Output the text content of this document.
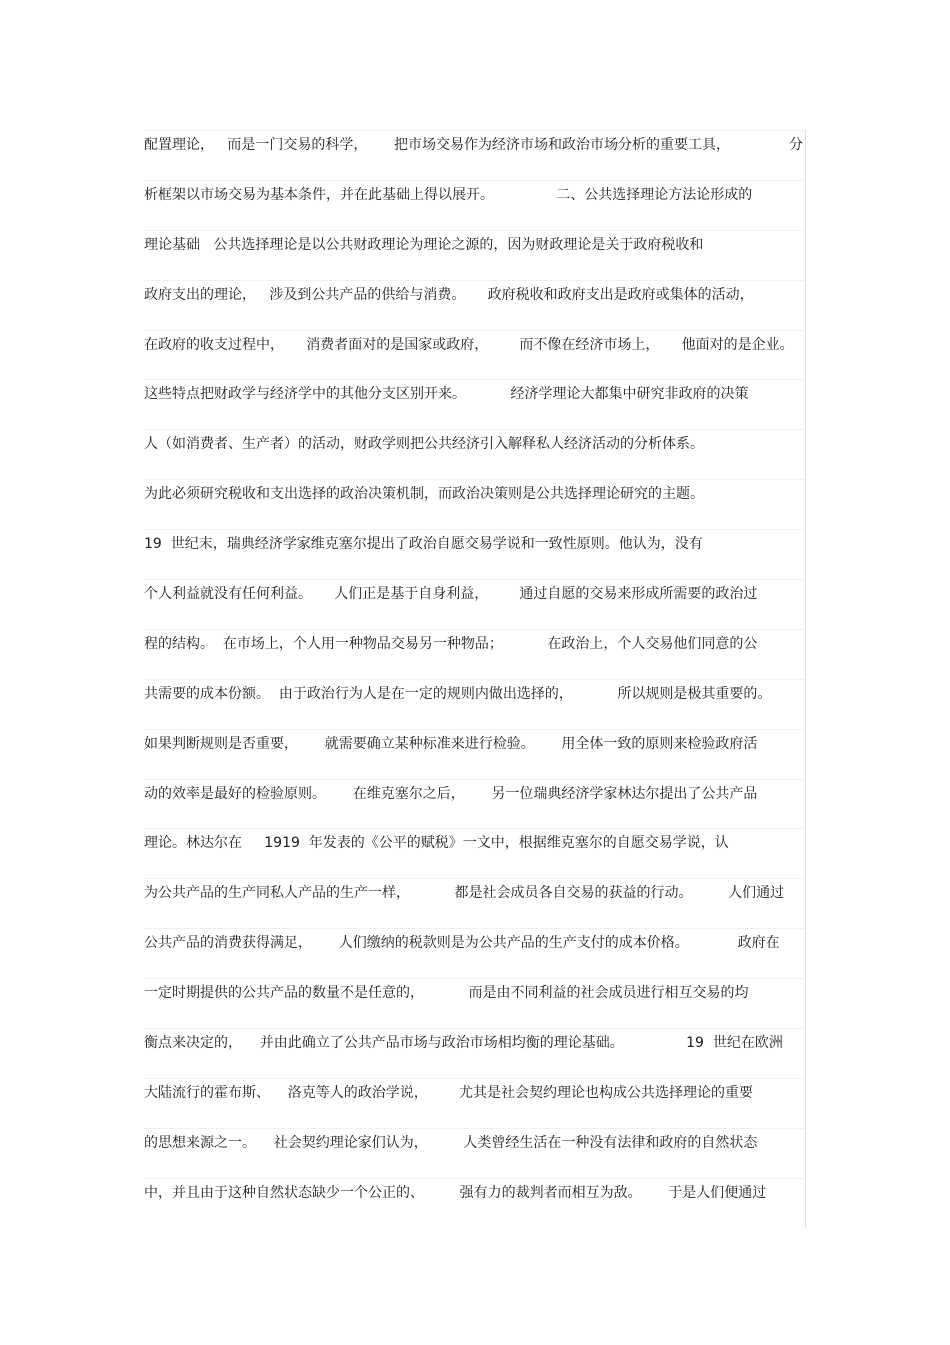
配置理论，   而是一门交易的科学，      把市场交易作为经济市场和政治市场分析的重要工具，	分
析框架以市场交易为基本条件，并在此基础上得以展开。              二、公共选择理论方法论形成的
理论基础   公共选择理论是以公共财政理论为理论之源的，因为财政理论是关于政府税收和
政府支出的理论，   涉及到公共产品的供给与消费。     政府税收和政府支出是政府或集体的活动，
在政府的收支过程中，     消费者面对的是国家或政府，       而不像在经济市场上，     他面对的是企业。
这些特点把财政学与经济学中的其他分支区别开来。          经济学理论大都集中研究非政府的决策
人（如消费者、生产者）的活动，财政学则把公共经济引入解释私人经济活动的分析体系。
为此必须研究税收和支出选择的政治决策机制，而政治决策则是公共选择理论研究的主题。
19  世纪末，瑞典经济学家维克塞尔提出了政治自愿交易学说和一致性原则。他认为，没有
个人利益就没有任何利益。     人们正是基于自身利益，       通过自愿的交易来形成所需要的政治过
程的结构。  在市场上，个人用一种物品交易另一种物品；          在政治上，个人交易他们同意的公
共需要的成本份额。  由于政治行为人是在一定的规则内做出选择的，          所以规则是极其重要的。
如果判断规则是否重要，      就需要确立某种标准来进行检验。      用全体一致的原则来检验政府活
动的效率是最好的检验原则。      在维克塞尔之后，      另一位瑞典经济学家林达尔提出了公共产品
理论。林达尔在     1919  年发表的《公平的赋税》一文中，根据维克塞尔的自愿交易学说，认
为公共产品的生产同私人产品的生产一样，          都是社会成员各自交易的获益的行动。        人们通过
公共产品的消费获得满足，      人们缴纳的税款则是为公共产品的生产支付的成本价格。           政府在
一定时期提供的公共产品的数量不是任意的，          而是由不同利益的社会成员进行相互交易的均
衡点来决定的，    并由此确立了公共产品市场与政治市场相均衡的理论基础。              19  世纪在欧洲
大陆流行的霍布斯、    洛克等人的政治学说，       尤其是社会契约理论也构成公共选择理论的重要
的思想来源之一。    社会契约理论家们认为，        人类曾经生活在一种没有法律和政府的自然状态
中，并且由于这种自然状态缺少一个公正的、        强有力的裁判者而相互为敌。      于是人们便通过
